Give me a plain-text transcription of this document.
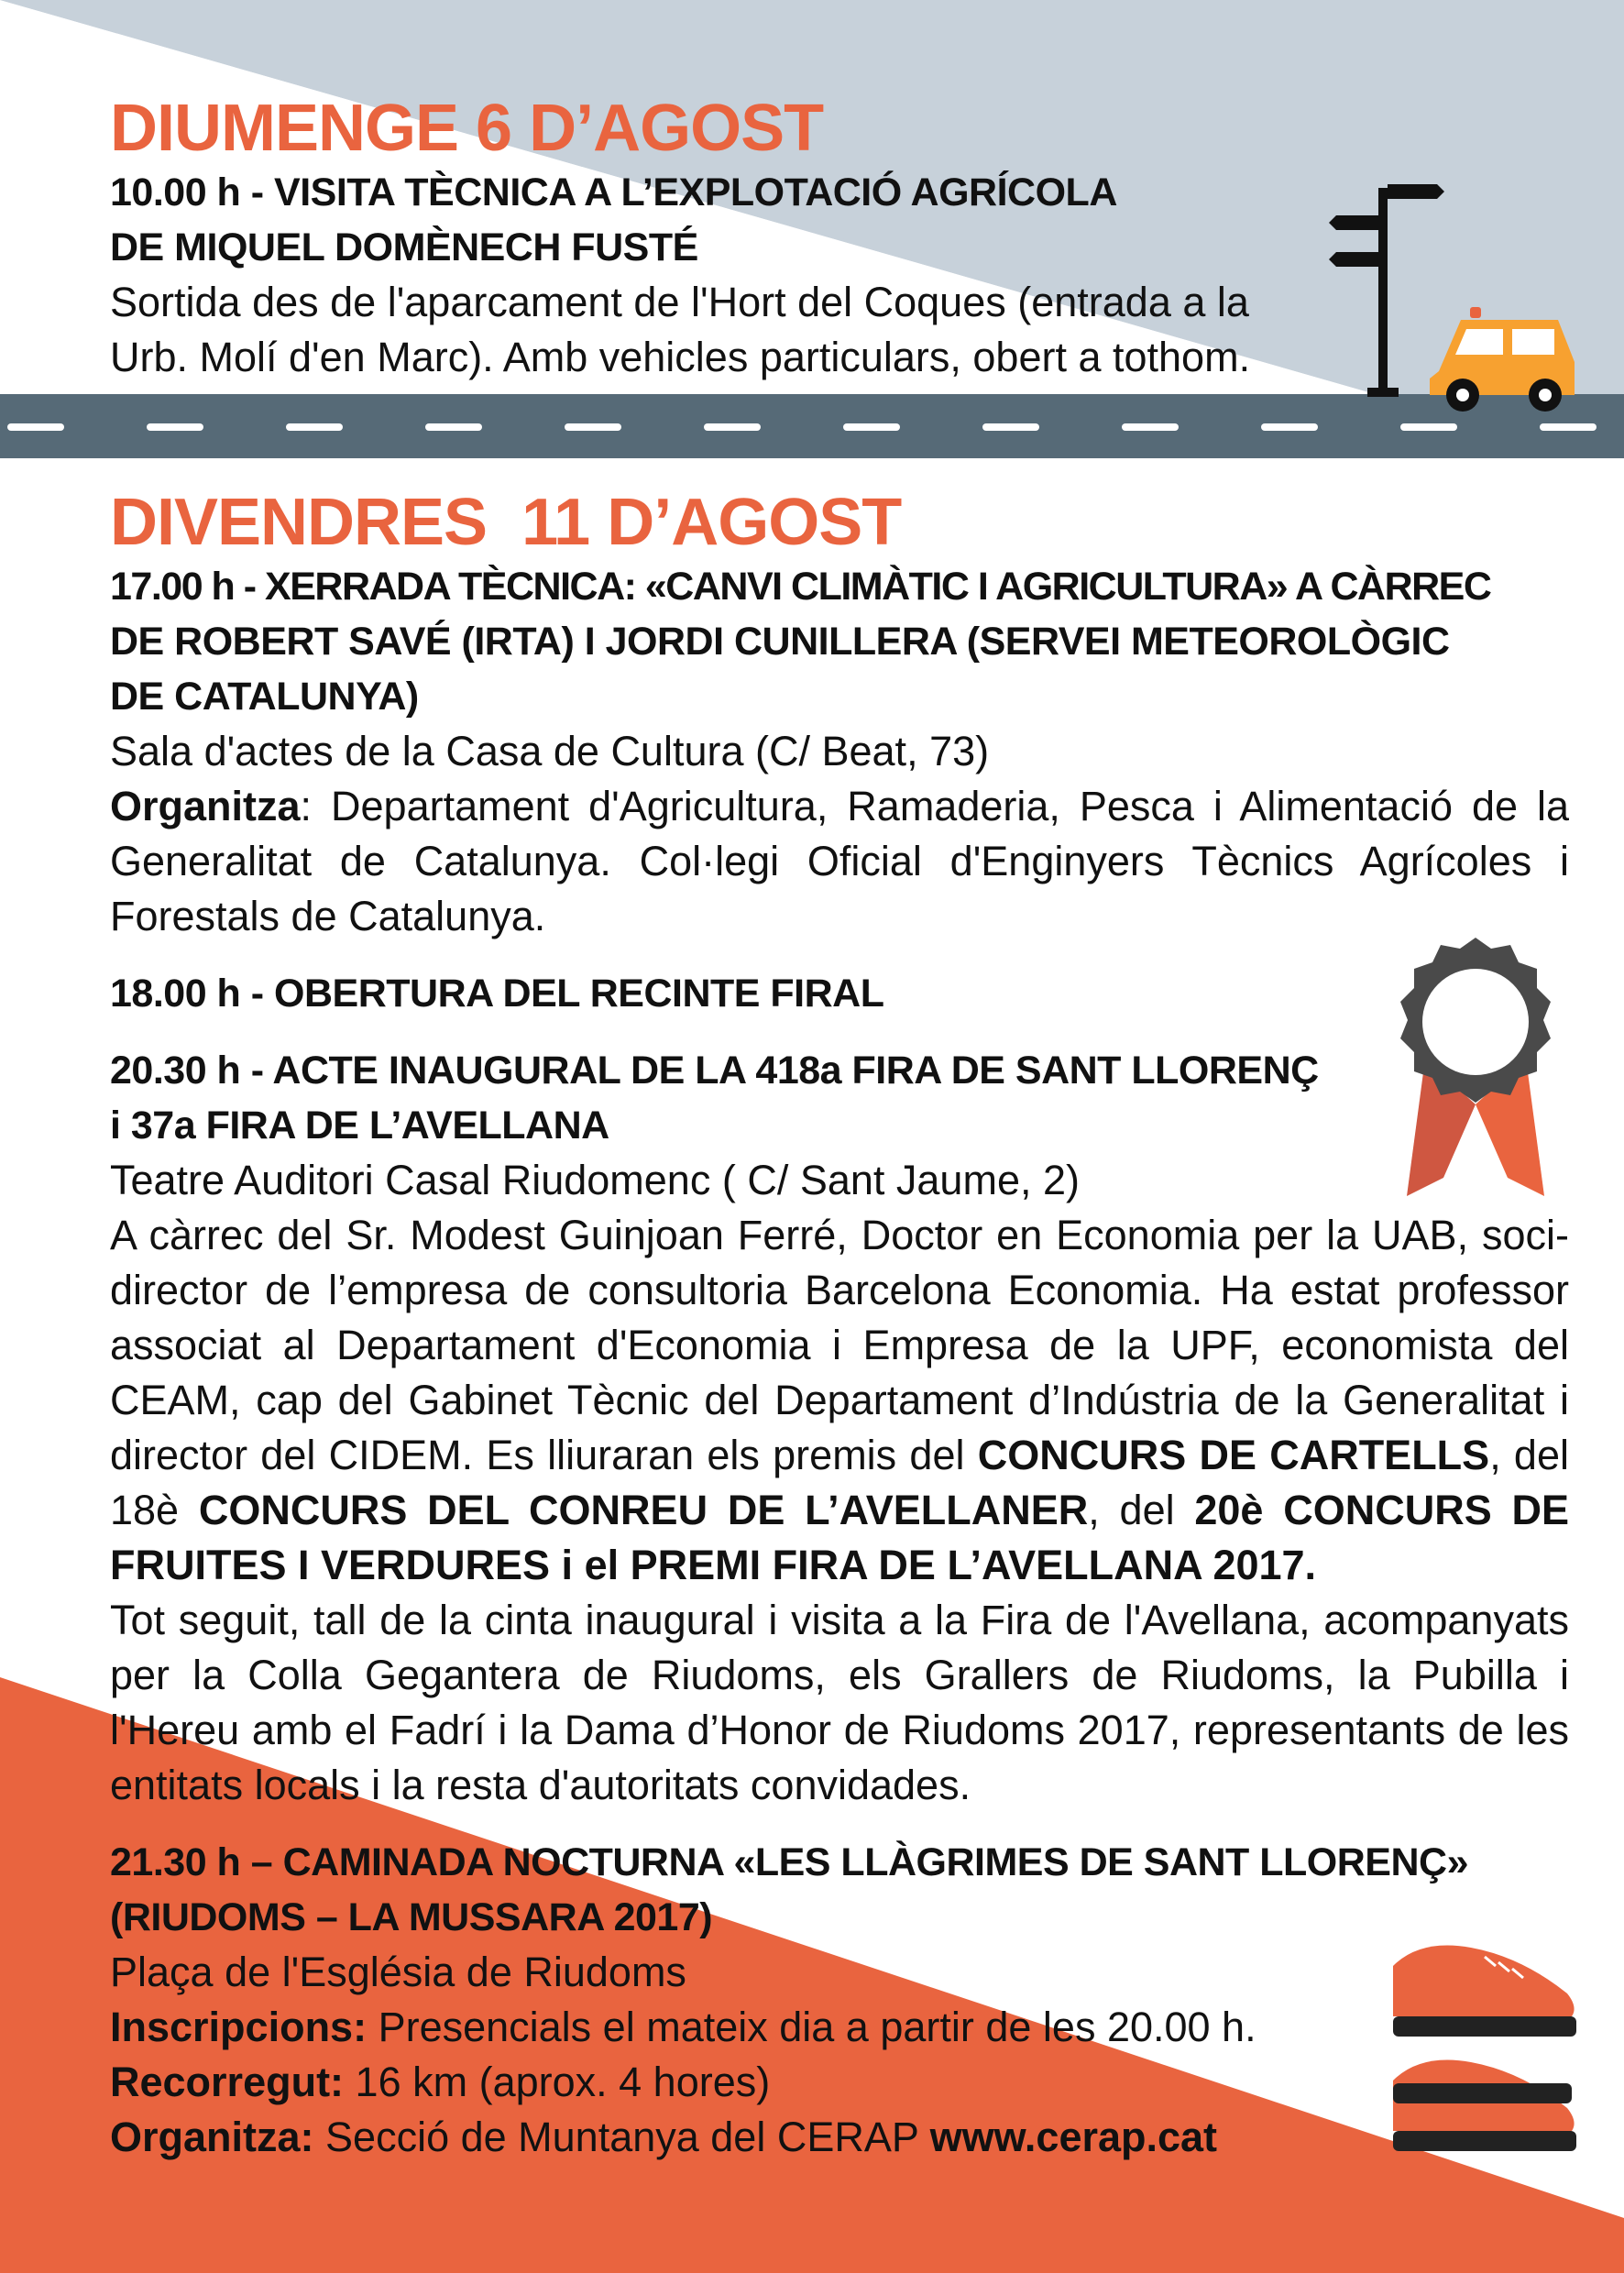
DIUMENGE 6 D’AGOST
10.00 h - VISITA TÈCNICA A L’EXPLOTACIÓ AGRÍCOLA
DE MIQUEL DOMÈNECH FUSTÉ
Sortida des de l'aparcament de l'Hort del Coques (entrada a la
Urb. Molí d'en Marc). Amb vehicles particulars, obert a tothom.
DIVENDRES  11 D’AGOST
17.00 h - XERRADA TÈCNICA: «CANVI CLIMÀTIC I AGRICULTURA» A CÀRREC
DE ROBERT SAVÉ (IRTA) I JORDI CUNILLERA (SERVEI METEOROLÒGIC
DE CATALUNYA)
Sala d'actes de la Casa de Cultura (C/ Beat, 73)
Organitza: Departament d'Agricultura, Ramaderia, Pesca i Alimentació de la Generalitat de Catalunya. Col·legi Oficial d'Enginyers Tècnics Agrícoles i Forestals de Catalunya.
18.00 h - OBERTURA DEL RECINTE FIRAL
20.30 h - ACTE INAUGURAL DE LA 418a FIRA DE SANT LLORENÇ
i 37a FIRA DE L’AVELLANA
Teatre Auditori Casal Riudomenc ( C/ Sant Jaume, 2)
A càrrec del Sr. Modest Guinjoan Ferré, Doctor en Economia per la UAB, soci-director de l’empresa de consultoria Barcelona Economia. Ha estat professor associat al Departament d'Economia i Empresa de la UPF, economista del CEAM, cap del Gabinet Tècnic del Departament d’Indústria de la Generalitat i director del CIDEM. Es lliuraran els premis del CONCURS DE CARTELLS, del 18è CONCURS DEL CONREU DE L’AVELLANER, del 20è CONCURS DE FRUITES I VERDURES i el PREMI FIRA DE L’AVELLANA 2017.
Tot seguit, tall de la cinta inaugural i visita a la Fira de l'Avellana, acompanyats per la Colla Gegantera de Riudoms, els Grallers de Riudoms, la Pubilla i l'Hereu amb el Fadrí i la Dama d’Honor de Riudoms 2017, representants de les entitats locals i la resta d'autoritats convidades.
21.30 h – CAMINADA NOCTURNA «LES LLÀGRIMES DE SANT LLORENÇ»
(RIUDOMS – LA MUSSARA 2017)
Plaça de l'Església de Riudoms
Inscripcions: Presencials el mateix dia a partir de les 20.00 h.
Recorregut: 16 km (aprox. 4 hores)
Organitza: Secció de Muntanya del CERAP www.cerap.cat
